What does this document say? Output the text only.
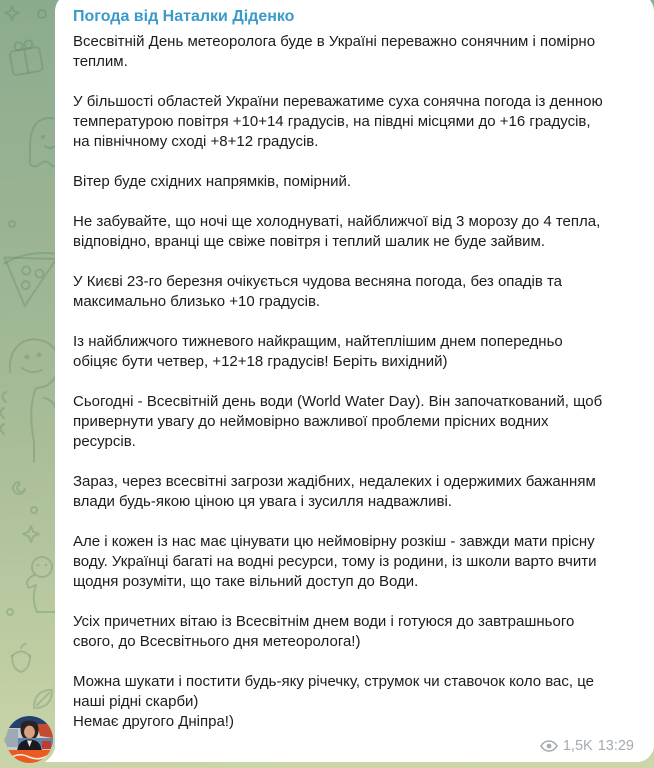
Погода від Наталки Діденко

Всесвітній День метеоролога буде в Україні переважно сонячним і помірно теплим.

У більшості областей України переважатиме суха сонячна погода із денною температурою повітря +10+14 градусів, на півдні місцями до +16 градусів, на північному сході +8+12 градусів.

Вітер буде східних напрямків, помірний.

Не забувайте, що ночі ще холоднуваті, найближчої від 3 морозу до 4 тепла, відповідно, вранці ще свіже повітря і теплий шалик не буде зайвим.

У Києві 23-го березня очікується чудова весняна погода, без опадів та максимально близько +10 градусів.

Із найближчого тижневого найкращим, найтеплішим днем попередньо обіцяє бути четвер, +12+18 градусів! Беріть вихідний)

Сьогодні - Всесвітній день води (World Water Day). Він започаткований, щоб привернути увагу до неймовірно важливої проблеми прісних водних ресурсів.

Зараз, через всесвітні загрози жадібних, недалеких і одержимих бажанням влади будь-якою ціною ця увага і зусилля надважливі.

Але і кожен із нас має цінувати цю неймовірну розкіш - завжди мати прісну воду. Українці багаті на водні ресурси, тому із родини, із школи варто вчити щодня розуміти, що таке вільний доступ до Води.

Усіх причетних вітаю із Всесвітнім днем води і готуюся до завтрашнього свого, до Всесвітнього дня метеоролога!)

Можна шукати і постити будь-яку річечку, струмок чи ставочок коло вас, це наші рідні скарби)
Немає другого Дніпра!)

1,5K 13:29
